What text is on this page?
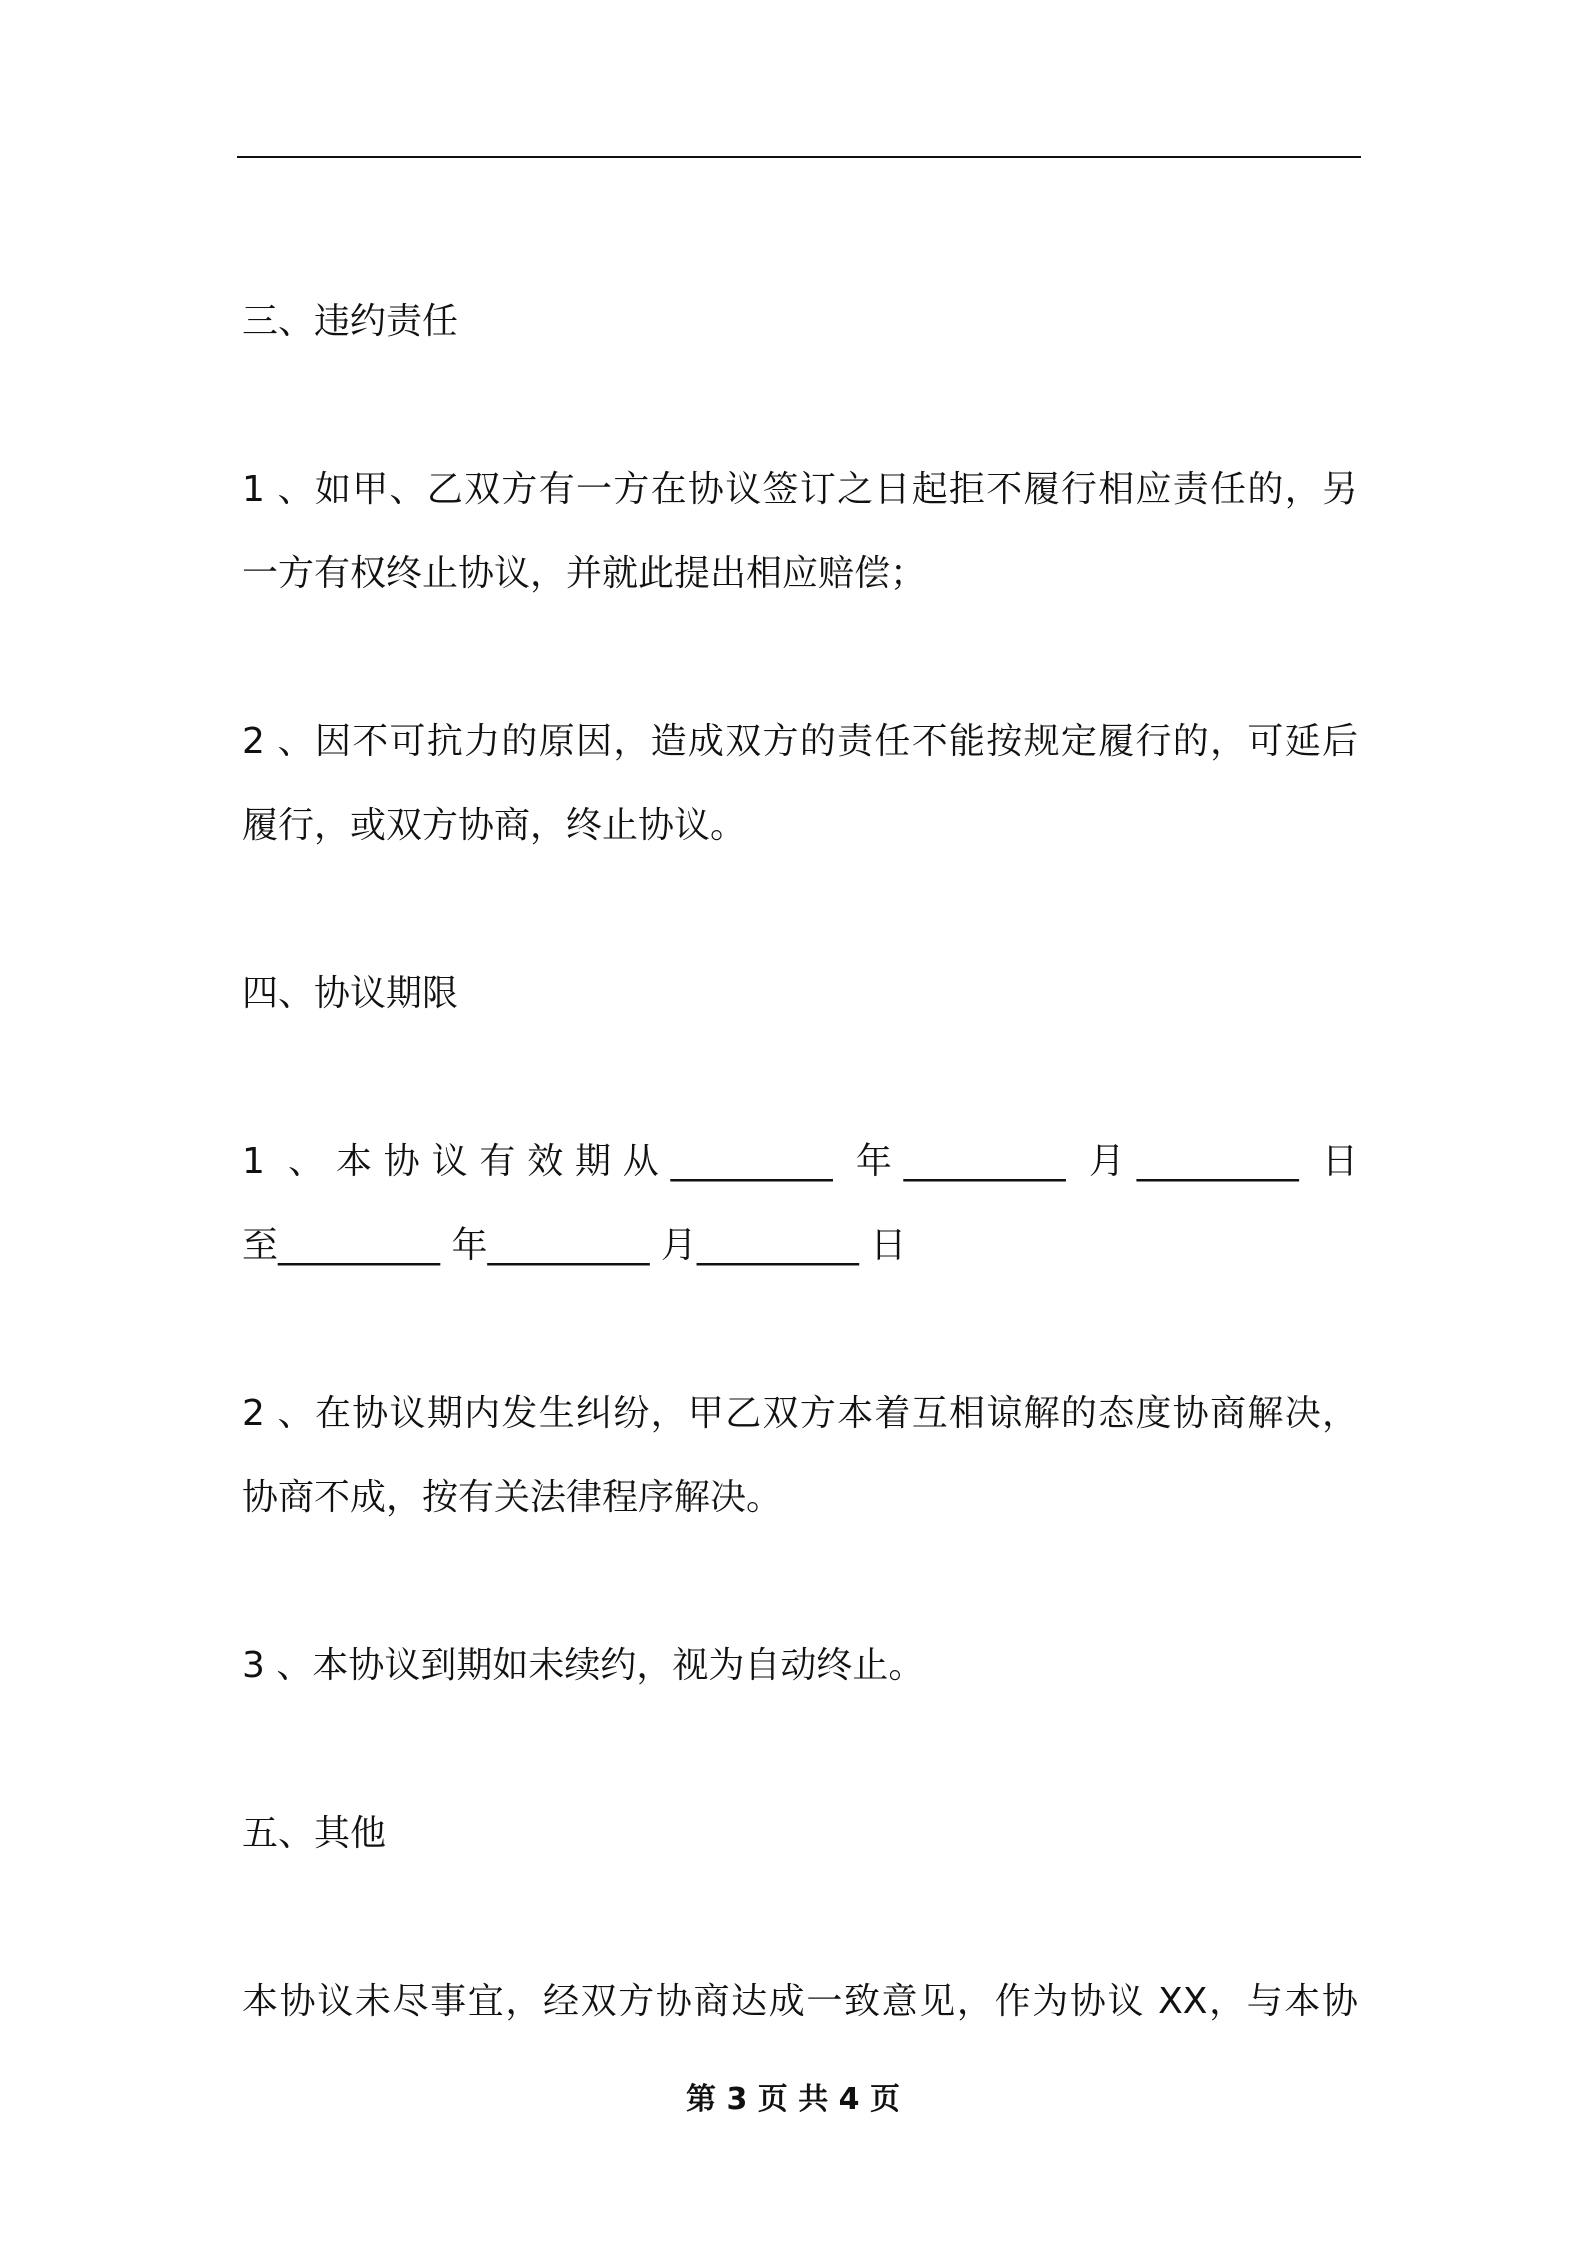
三、违约责任

1 、如甲、乙双方有一方在协议签订之日起拒不履行相应责任的，另

一方有权终止协议，并就此提出相应赔偿；

2 、因不可抗力的原因，造成双方的责任不能按规定履行的，可延后

履行，或双方协商，终止协议。

四、协议期限

1 、本协议有效期从_________ 年_________ 月_________ 日

至_________ 年_________ 月_________ 日

2 、在协议期内发生纠纷，甲乙双方本着互相谅解的态度协商解决，

协商不成，按有关法律程序解决。

3 、本协议到期如未续约，视为自动终止。

五、其他

本协议未尽事宜，经双方协商达成一致意见，作为协议 XX，与本协

第 3 页 共 4 页
